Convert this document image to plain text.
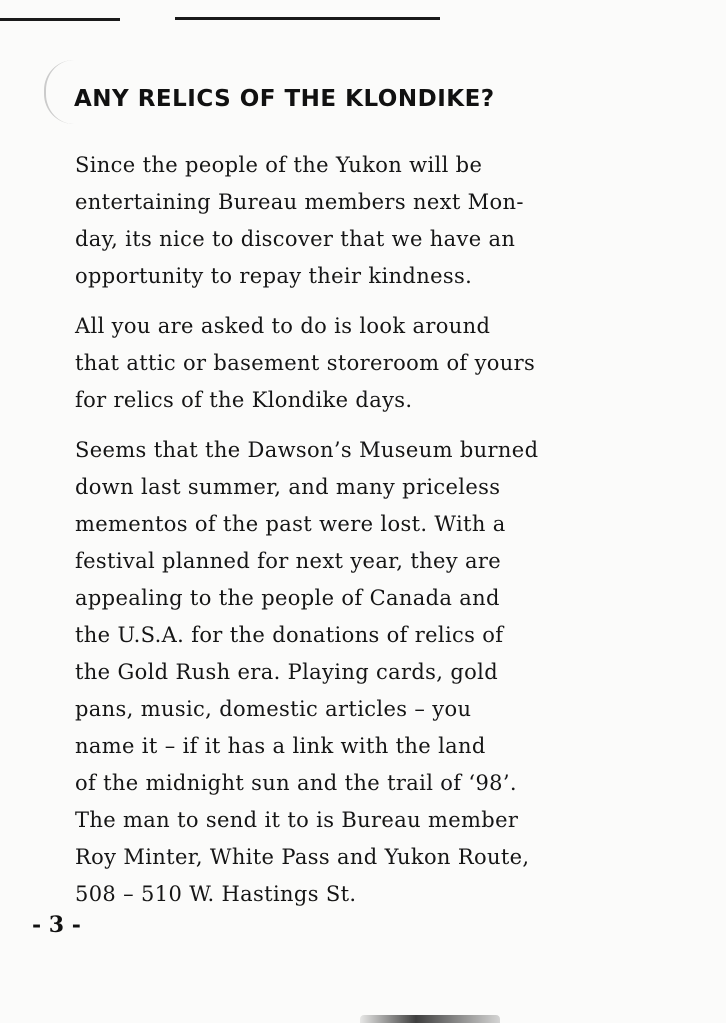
ANY RELICS OF THE KLONDIKE?

Since the people of the Yukon will be
entertaining Bureau members next Mon-
day, its nice to discover that we have an
opportunity to repay their kindness.

All you are asked to do is look around
that attic or basement storeroom of yours
for relics of the Klondike days.

Seems that the Dawson’s Museum burned
down last summer, and many priceless
mementos of the past were lost. With a
festival planned for next year, they are
appealing to the people of Canada and
the U.S.A. for the donations of relics of
the Gold Rush era. Playing cards, gold
pans, music, domestic articles – you
name it – if it has a link with the land
of the midnight sun and the trail of ‘98’.
The man to send it to is Bureau member
Roy Minter, White Pass and Yukon Route,
508 – 510 W. Hastings St.

- 3 -
